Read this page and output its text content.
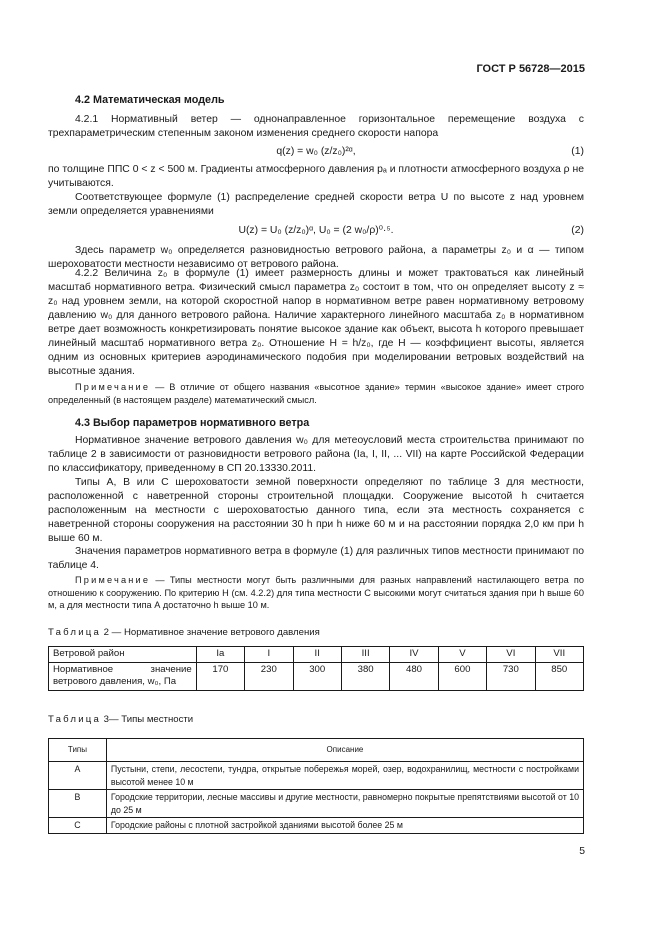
ГОСТ Р 56728—2015
4.2 Математическая модель

4.2.1 Нормативный ветер — однонаправленное горизонтальное перемещение воздуха с трехпараметрическим степенным законом изменения среднего скорости напора

q(z) = w₀ (z/z₀)²ᵅ,	(1)

по толщине ППС 0 < z < 500 м. Градиенты атмосферного давления pₐ и плотности атмосферного воздуха ρ не учитываются.

Соответствующее формуле (1) распределение средней скорости ветра U по высоте z над уровнем земли определяется уравнениями

U(z) = U₀ (z/z₀)ᵅ, U₀ = (2 w₀/ρ)⁰·⁵.	(2)

Здесь параметр w₀ определяется разновидностью ветрового района, а параметры z₀ и α — типом шероховатости местности независимо от ветрового района.

4.2.2 Величина z₀ в формуле (1) имеет размерность длины и может трактоваться как линейный масштаб нормативного ветра. Физический смысл параметра z₀ состоит в том, что он определяет высоту z ≈ z₀ над уровнем земли, на которой скоростной напор в нормативном ветре равен нормативному ветровому давлению w₀ для данного ветрового района. Наличие характерного линейного масштаба z₀ в нормативном ветре дает возможность конкретизировать понятие высокое здание как объект, высота h которого превышает линейный масштаб нормативного ветра z₀. Отношение H = h/z₀, где H — коэффициент высоты, является одним из основных критериев аэродинамического подобия при моделировании ветровых воздействий на высотные здания.

Примечание — В отличие от общего названия «высотное здание» термин «высокое здание» имеет строго определенный (в настоящем разделе) математический смысл.

4.3 Выбор параметров нормативного ветра

Нормативное значение ветрового давления w₀ для метеоусловий места строительства принимают по таблице 2 в зависимости от разновидности ветрового района (Ia, I, II, ... VII) на карте Российской Федерации по классификатору, приведенному в СП 20.13330.2011.

Типы А, В или С шероховатости земной поверхности определяют по таблице 3 для местности, расположенной с наветренной стороны строительной площадки. Сооружение высотой h считается расположенным на местности с шероховатостью данного типа, если эта местность сохраняется с наветренной стороны сооружения на расстоянии 30 h при h ниже 60 м и на расстоянии порядка 2,0 км при h выше 60 м.

Значения параметров нормативного ветра в формуле (1) для различных типов местности принимают по таблице 4.

Примечание — Типы местности могут быть различными для разных направлений настилающего ветра по отношению к сооружению. По критерию H (см. 4.2.2) для типа местности С высокими могут считаться здания при h выше 60 м, а для местности типа А достаточно h выше 10 м.

Таблица 2 — Нормативное значение ветрового давления
Ветровой район	Ia	I	II	III	IV	V	VI	VII
Нормативное значение ветрового давления, w₀, Па	170	230	300	380	480	600	730	850
Таблица 3— Типы местности
Типы	Описание
A	Пустыни, степи, лесостепи, тундра, открытые побережья морей, озер, водохранилищ, местности с постройками высотой менее 10 м
B	Городские территории, лесные массивы и другие местности, равномерно покрытые препятствиями высотой от 10 до 25 м
C	Городские районы с плотной застройкой зданиями высотой более 25 м
5
